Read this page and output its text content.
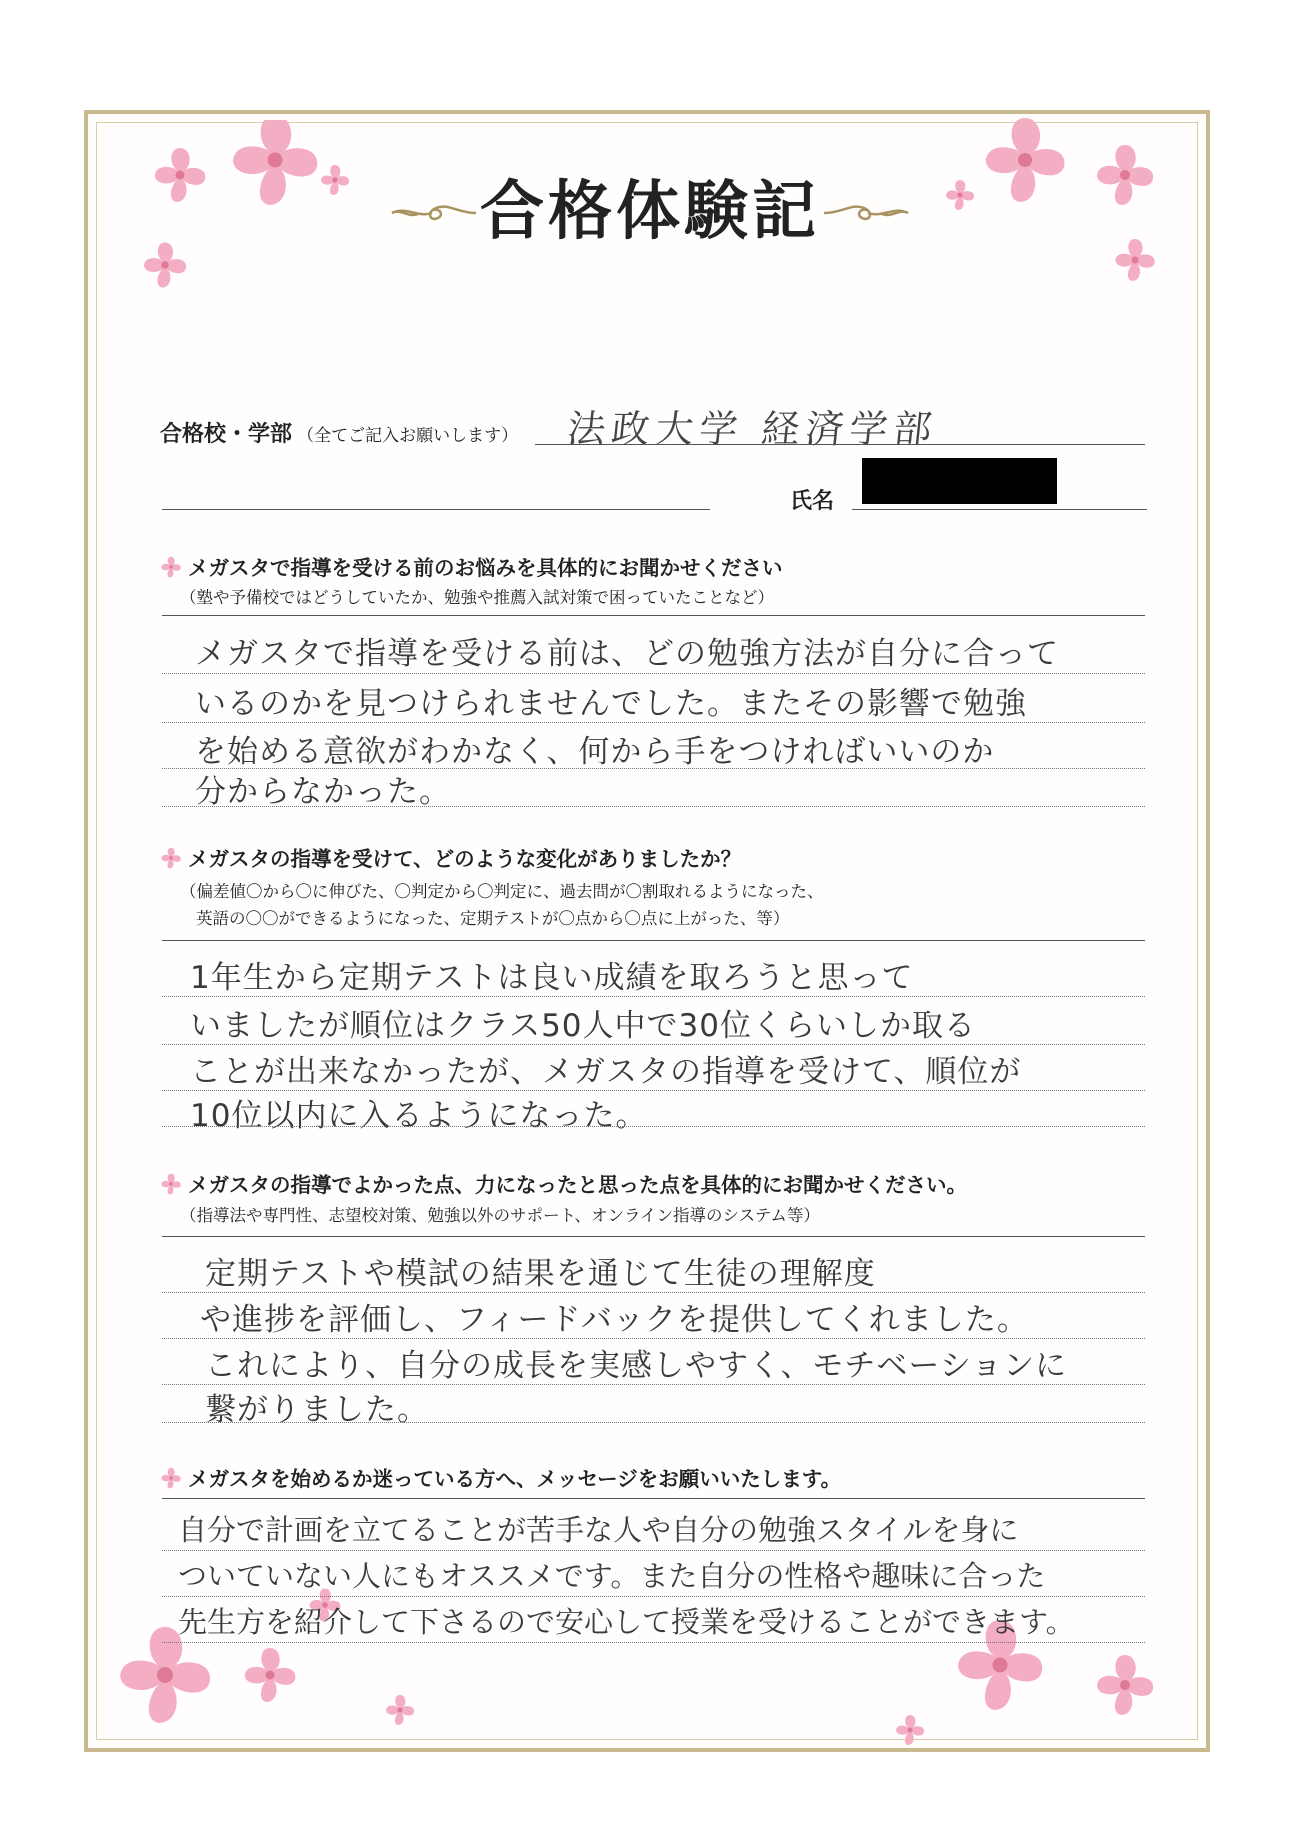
合格体験記
合格校・学部 （全てご記入お願いします） 法政大学 経済学部
氏名
メガスタで指導を受ける前のお悩みを具体的にお聞かせください
（塾や予備校ではどうしていたか、勉強や推薦入試対策で困っていたことなど）
メガスタで指導を受ける前は、どの勉強方法が自分に合って
いるのかを見つけられませんでした。またその影響で勉強
を始める意欲がわかなく、何から手をつければいいのか
分からなかった。
メガスタの指導を受けて、どのような変化がありましたか？
（偏差値〇から〇に伸びた、〇判定から〇判定に、過去問が〇割取れるようになった、
英語の〇〇ができるようになった、定期テストが〇点から〇点に上がった、等）
1年生から定期テストは良い成績を取ろうと思って
いましたが順位はクラス50人中で30位くらいしか取る
ことが出来なかったが、メガスタの指導を受けて、順位が
10位以内に入るようになった。
メガスタの指導でよかった点、力になったと思った点を具体的にお聞かせください。
（指導法や専門性、志望校対策、勉強以外のサポート、オンライン指導のシステム等）
定期テストや模試の結果を通じて生徒の理解度
や進捗を評価し、フィードバックを提供してくれました。
これにより、自分の成長を実感しやすく、モチベーションに
繋がりました。
メガスタを始めるか迷っている方へ、メッセージをお願いいたします。
自分で計画を立てることが苦手な人や自分の勉強スタイルを身に
ついていない人にもオススメです。また自分の性格や趣味に合った
先生方を紹介して下さるので安心して授業を受けることができます。
